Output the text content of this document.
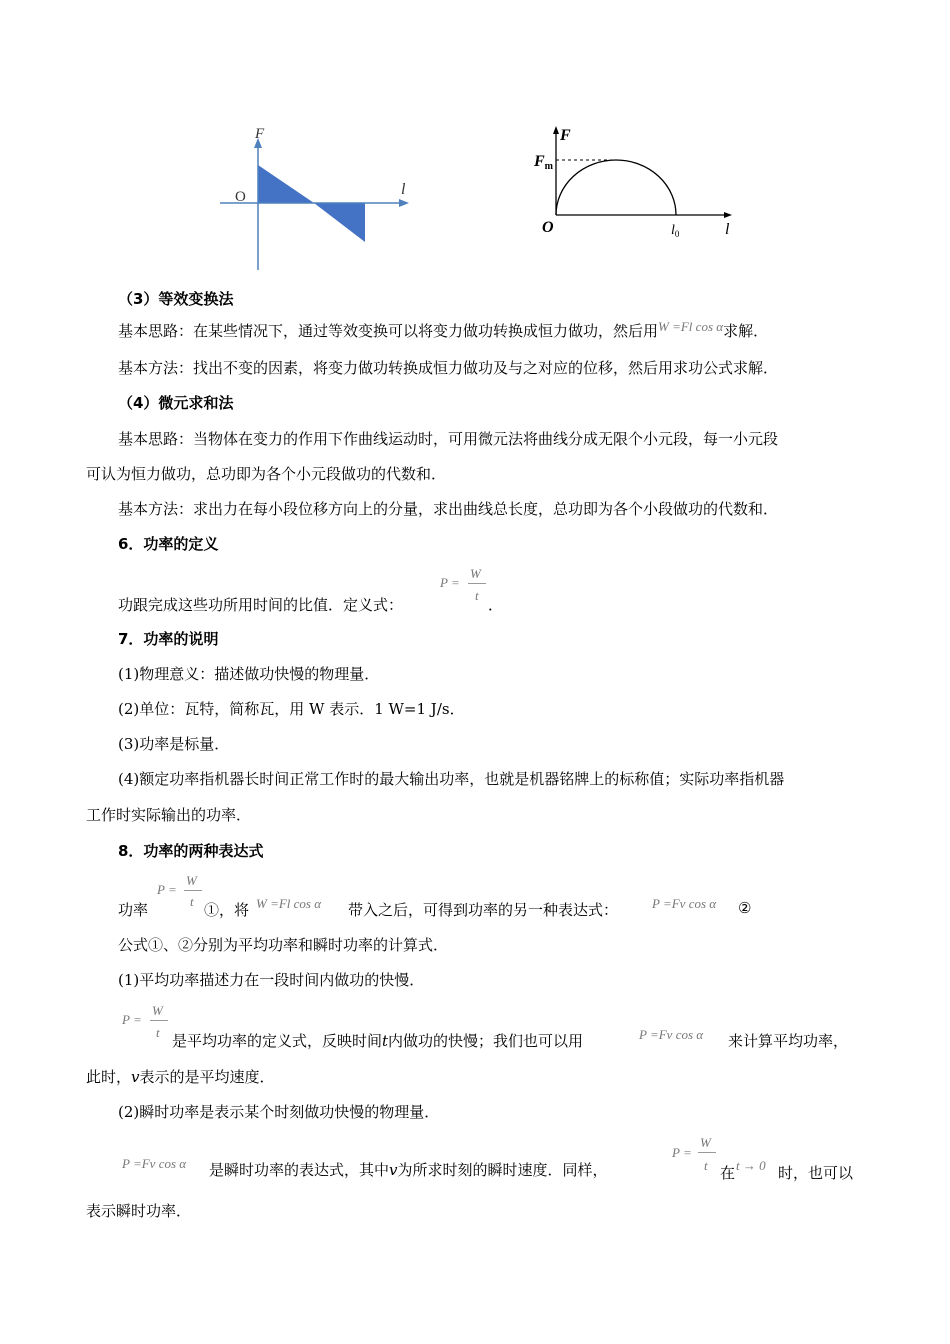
F
l
O
F
Fm
O	$l_0$	l
（3）等效变换法
基本思路：在某些情况下，通过等效变换可以将变力做功转换成恒力做功，然后用W =Fl cos α求解．
基本方法：找出不变的因素，将变力做功转换成恒力做功及与之对应的位移，然后用求功公式求解．
（4）微元求和法
基本思路：当物体在变力的作用下作曲线运动时，可用微元法将曲线分成无限个小元段，每一小元段
可认为恒力做功，总功即为各个小元段做功的代数和．
基本方法：求出力在每小段位移方向上的分量，求出曲线总长度，总功即为各个小段做功的代数和．
6．功率的定义
功跟完成这些功所用时间的比值．定义式：
P =
W
t
．
7．功率的说明
(1)物理意义：描述做功快慢的物理量．
(2)单位：瓦特，简称瓦，用 W 表示．1 W=1 J/s．
(3)功率是标量．
(4)额定功率指机器长时间正常工作时的最大输出功率，也就是机器铭牌上的标称值；实际功率指机器
工作时实际输出的功率．
8．功率的两种表达式
功率
P =
W
t ①，将 W =Fl cos α 带入之后，可得到功率的另一种表达式：	P =Fv cos α ②
公式①、②分别为平均功率和瞬时功率的计算式．
(1)平均功率描述力在一段时间内做功的快慢．
P =
W
t 是平均功率的定义式，反映时间t内做功的快慢；我们也可以用	P =Fv cos α 来计算平均功率，
此时，v表示的是平均速度．
(2)瞬时功率是表示某个时刻做功快慢的物理量．
P =Fv cos α 是瞬时功率的表达式，其中v为所求时刻的瞬时速度．同样，
P =
W
t 在 t → 0 时，也可以
表示瞬时功率．
